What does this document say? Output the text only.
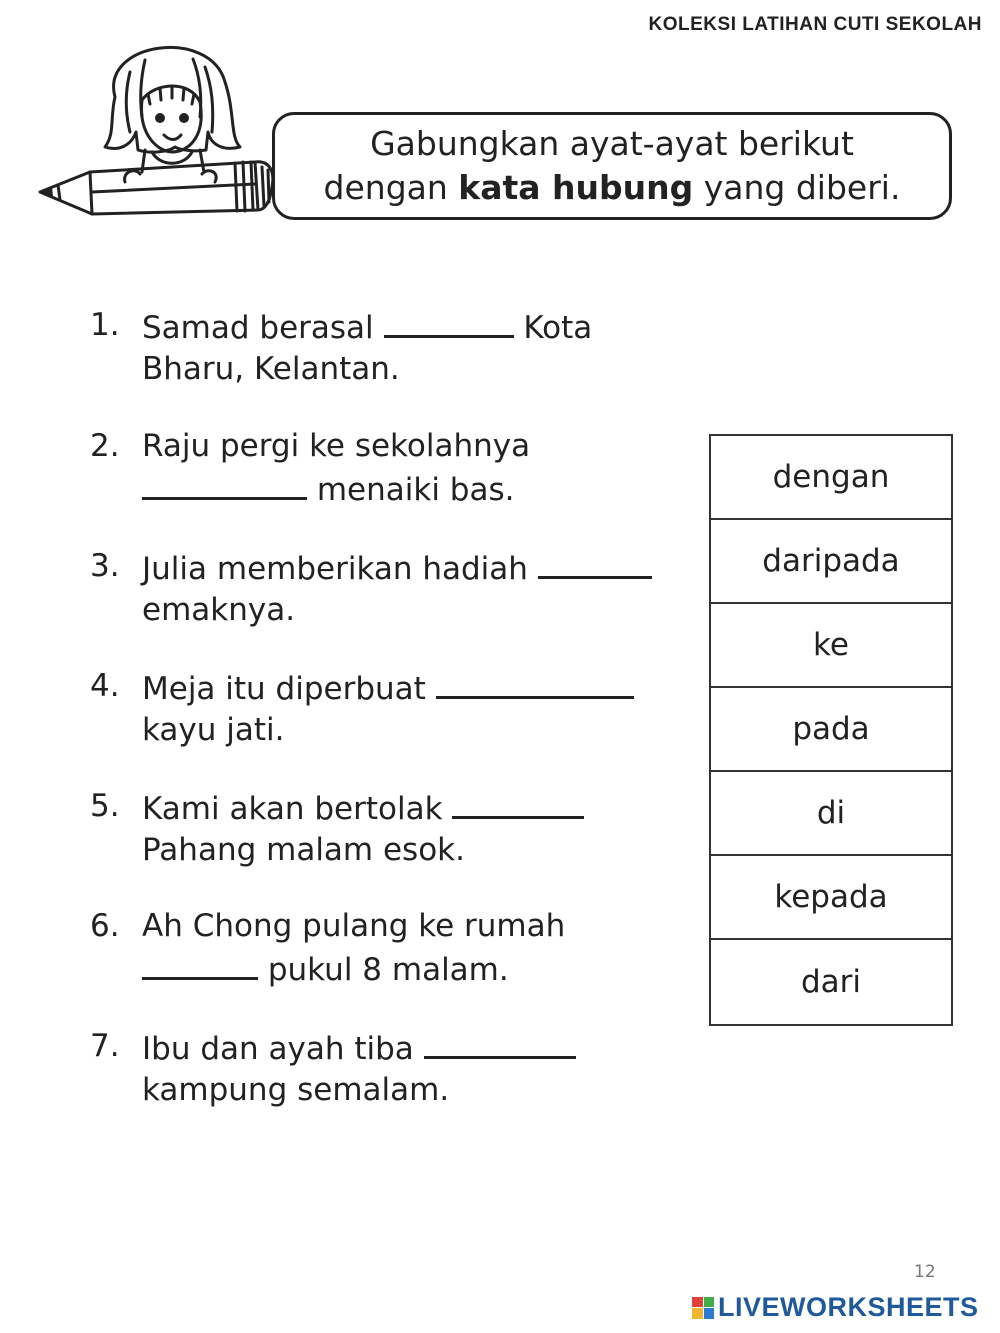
KOLEKSI LATIHAN CUTI SEKOLAH
Gabungkan ayat-ayat berikut
dengan kata hubung yang diberi.
1. Samad berasal	Kota
Bharu, Kelantan.
2. Raju pergi ke sekolahnya
menaiki bas.
3. Julia memberikan hadiah
emaknya.
4. Meja itu diperbuat
kayu jati.
5. Kami akan bertolak
Pahang malam esok.
6. Ah Chong pulang ke rumah
pukul 8 malam.
7. Ibu dan ayah tiba
kampung semalam.
dengan
daripada
ke
pada
di
kepada
dari
12
LIVEWORKSHEETS
